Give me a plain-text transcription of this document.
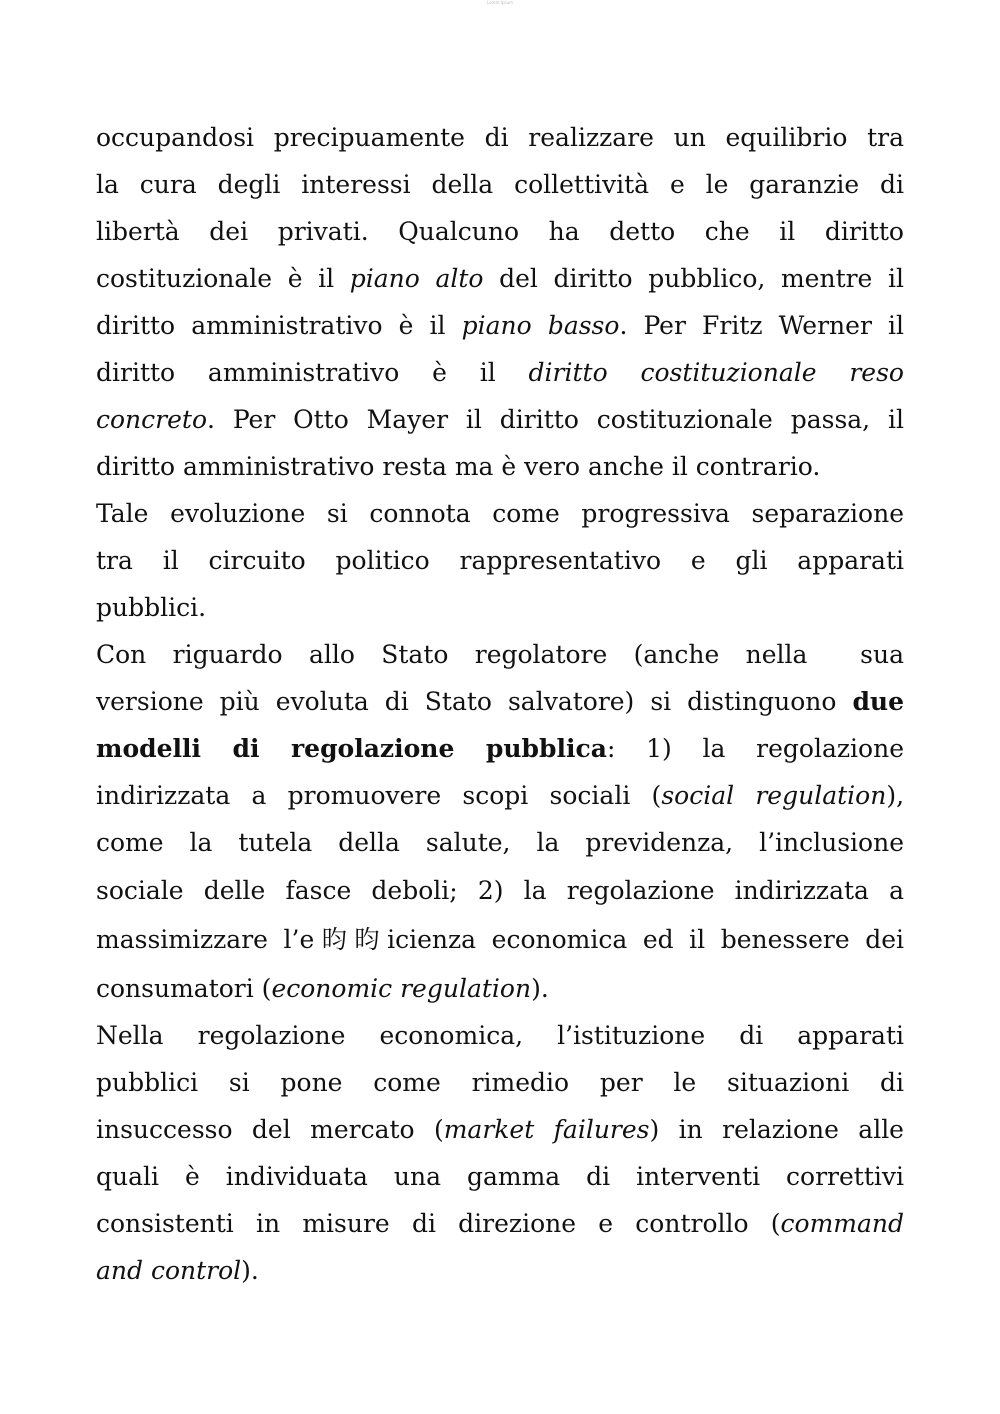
Lorem Ipsum
occupandosi precipuamente di realizzare un equilibrio tra
la cura degli interessi della collettività e le garanzie di
libertà dei privati. Qualcuno ha detto che il diritto
costituzionale è il piano alto del diritto pubblico, mentre il
diritto amministrativo è il piano basso. Per Fritz Werner il
diritto amministrativo è il diritto costituzionale reso
concreto. Per Otto Mayer il diritto costituzionale passa, il
diritto amministrativo resta ma è vero anche il contrario.
Tale evoluzione si connota come progressiva separazione
tra il circuito politico rappresentativo e gli apparati
pubblici.
Con riguardo allo Stato regolatore (anche nella  sua
versione più evoluta di Stato salvatore) si distinguono due
modelli di regolazione pubblica: 1) la regolazione
indirizzata a promuovere scopi sociali (social regulation),
come la tutela della salute, la previdenza, l’inclusione
sociale delle fasce deboli; 2) la regolazione indirizzata a
massimizzare l’e昀昀icienza economica ed il benessere dei
consumatori (economic regulation).
Nella regolazione economica, l’istituzione di apparati
pubblici si pone come rimedio per le situazioni di
insuccesso del mercato (market failures) in relazione alle
quali è individuata una gamma di interventi correttivi
consistenti in misure di direzione e controllo (command
and control).
